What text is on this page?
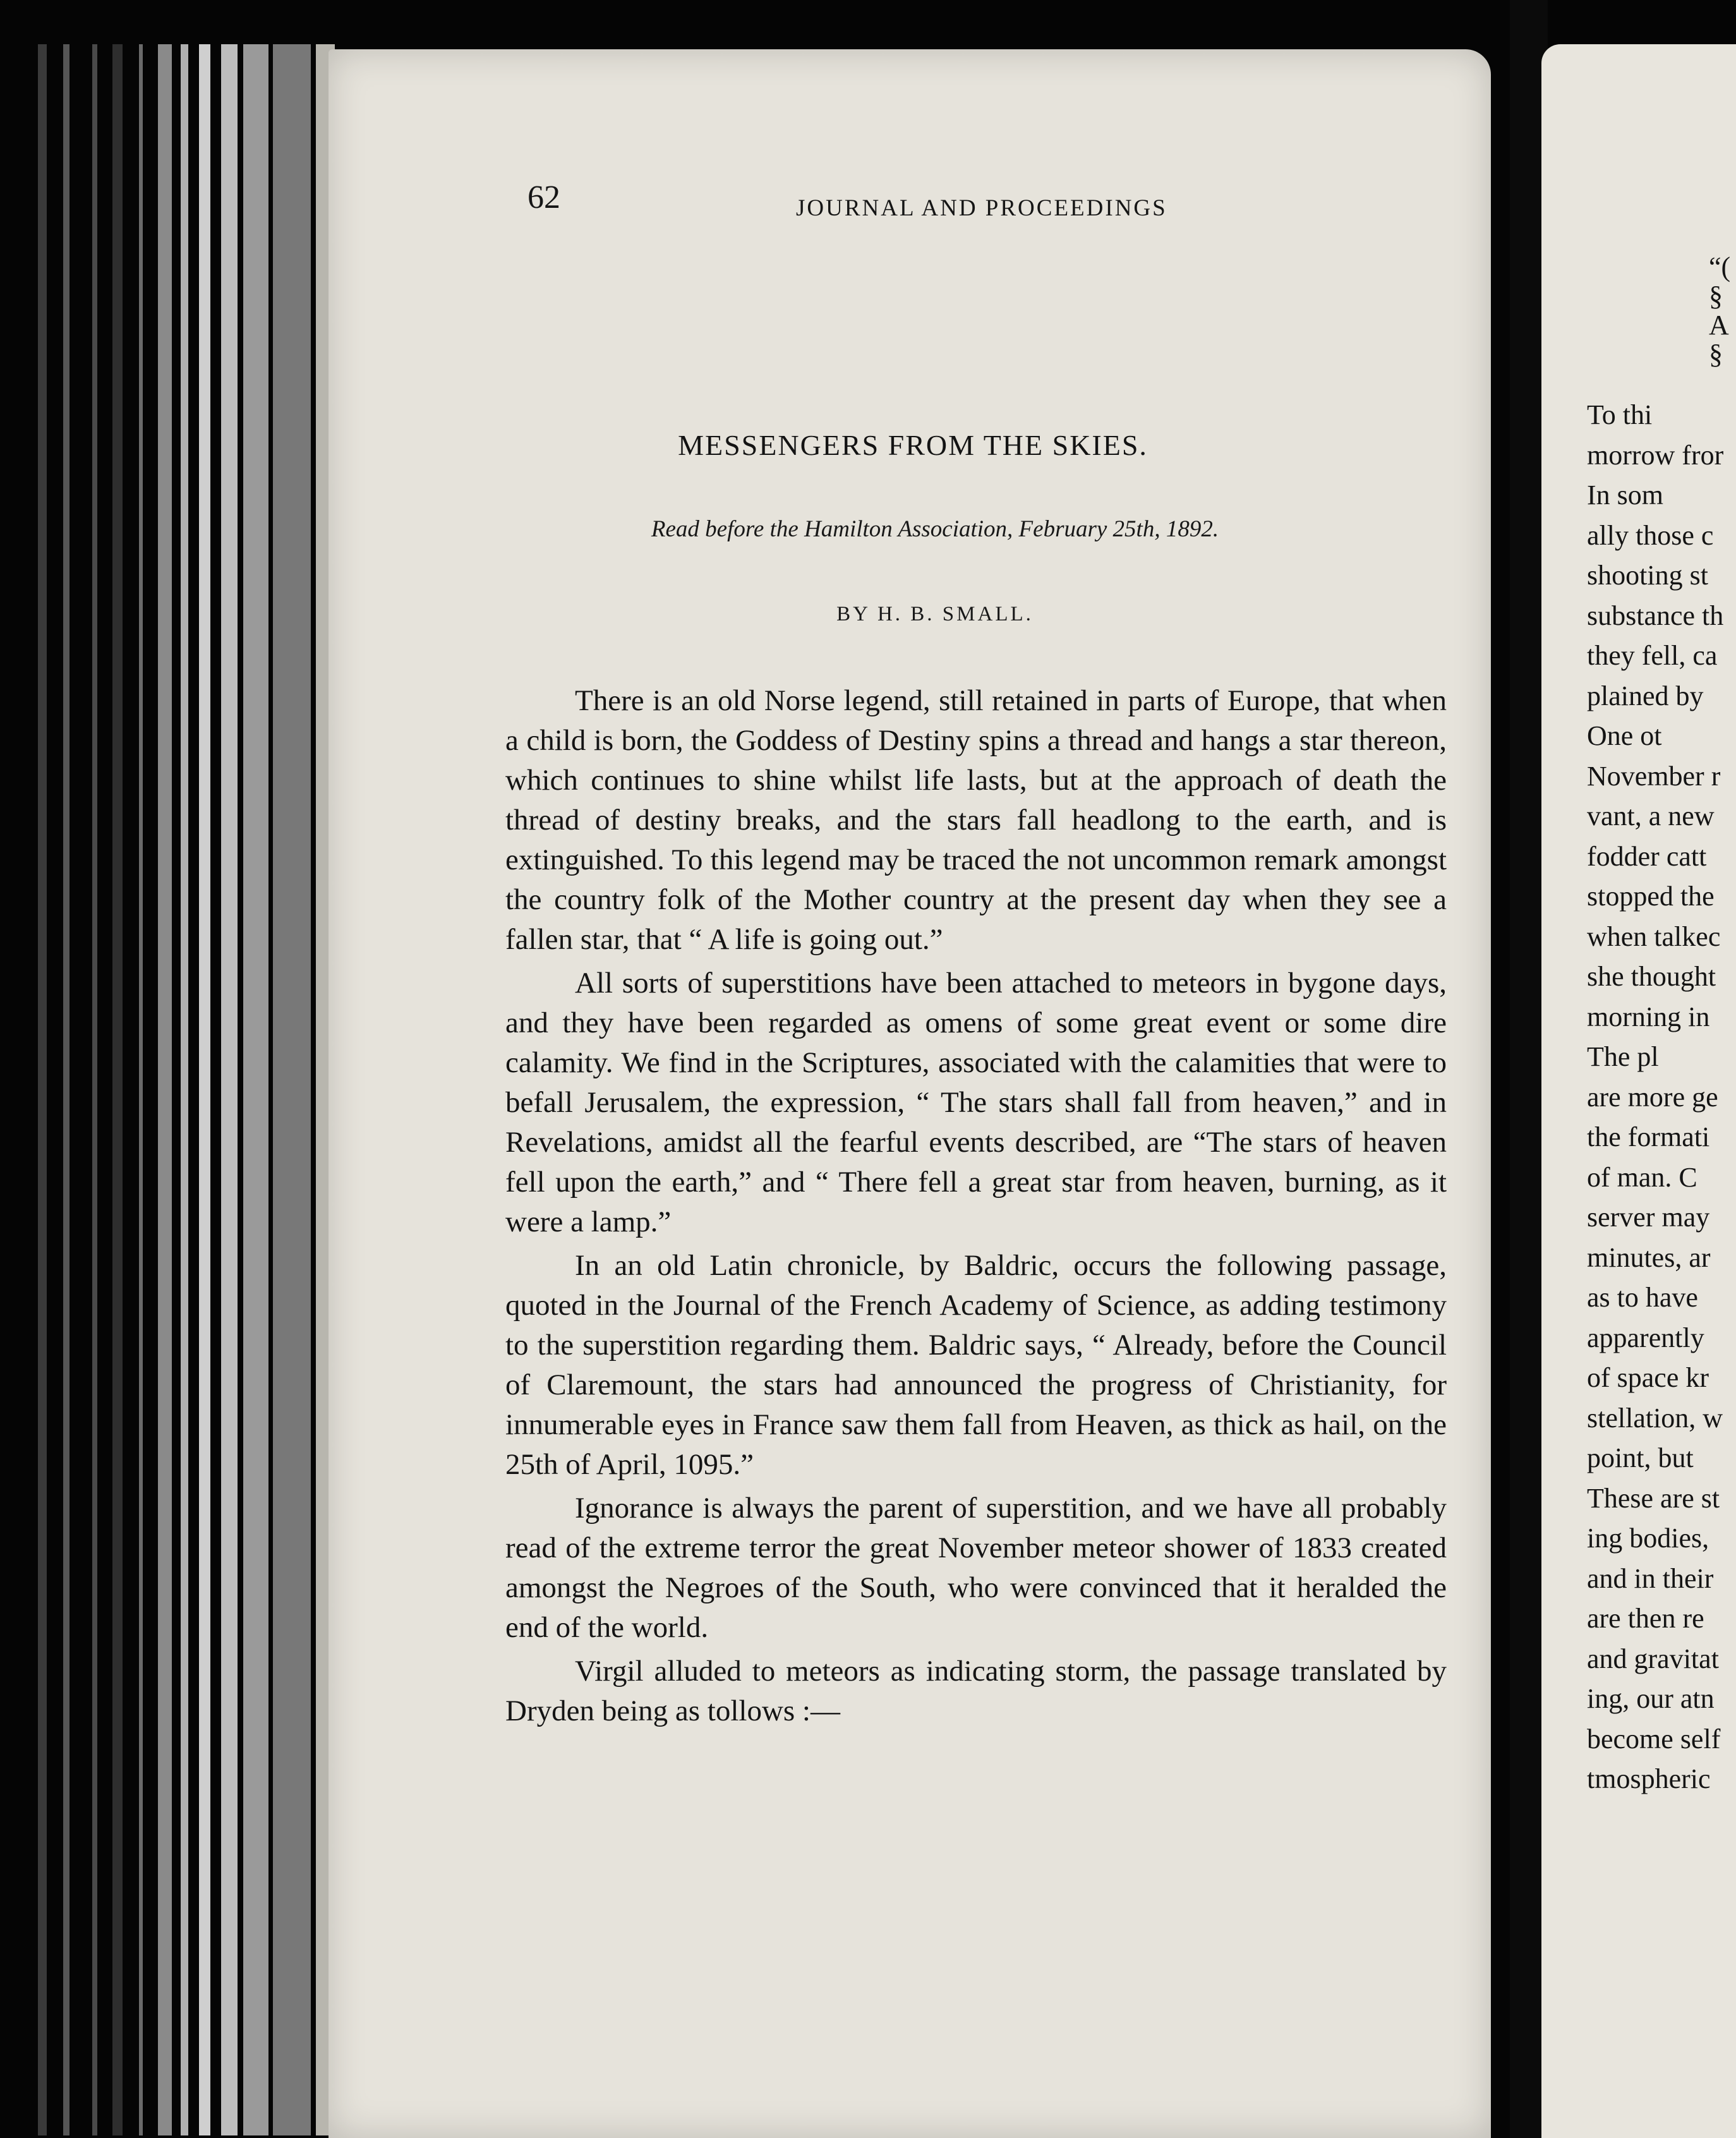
62	JOURNAL AND PROCEEDINGS
MESSENGERS FROM THE SKIES.
Read before the Hamilton Association, February 25th, 1892.
BY H. B. SMALL.

There is an old Norse legend, still retained in parts of Europe, that when a child is born, the Goddess of Destiny spins a thread and hangs a star thereon, which continues to shine whilst life lasts, but at the approach of death the thread of destiny breaks, and the stars fall headlong to the earth, and is extinguished. To this legend may be traced the not uncommon remark amongst the country folk of the Mother country at the present day when they see a fallen star, that “ A life is going out.”

All sorts of superstitions have been attached to meteors in bygone days, and they have been regarded as omens of some great event or some dire calamity. We find in the Scriptures, associated with the calamities that were to befall Jerusalem, the expression, “ The stars shall fall from heaven,” and in Revelations, amidst all the fearful events described, are “The stars of heaven fell upon the earth,” and “ There fell a great star from heaven, burning, as it were a lamp.”

In an old Latin chronicle, by Baldric, occurs the following passage, quoted in the Journal of the French Academy of Science, as adding testimony to the superstition regarding them. Baldric says, “ Already, before the Council of Claremount, the stars had announced the progress of Christianity, for innumerable eyes in France saw them fall from Heaven, as thick as hail, on the 25th of April, 1095.”

Ignorance is always the parent of superstition, and we have all probably read of the extreme terror the great November meteor shower of 1833 created amongst the Negroes of the South, who were convinced that it heralded the end of the world.

Virgil alluded to meteors as indicating storm, the passage translated by Dryden being as tollows :—

“(
§
A
§
To thi
morrow fror
In som
ally those c
shooting st
substance th
they fell, ca
plained by
One ot
November r
vant, a new
fodder catt
stopped the
when talkec
she thought
morning in
The pl
are more ge
the formati
of man. C
server may
minutes, ar
as to have
apparently
of space kr
stellation, w
point, but
These are st
ing bodies,
and in their
are then re
and gravitat
ing, our atn
become self
tmospheric
